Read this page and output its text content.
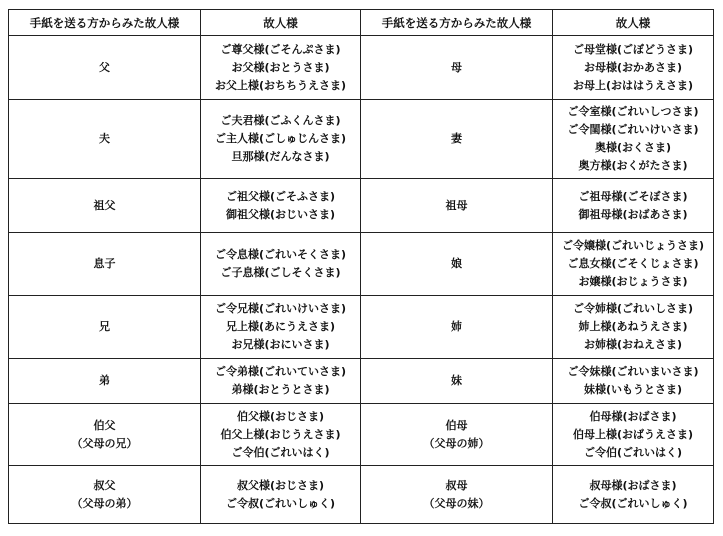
手紙を送る方からみた故人様	故人様	手紙を送る方からみた故人様	故人様

父	ご尊父様(ごそんぷさま)
お父様(おとうさま)
お父上様(おちちうえさま)	母	ご母堂様(ごぼどうさま)
お母様(おかあさま)
お母上(おははうえさま)

夫	ご夫君様(ごふくんさま)
ご主人様(ごしゅじんさま)
旦那様(だんなさま)	妻	ご令室様(ごれいしつさま)
ご令閨様(ごれいけいさま)
奥様(おくさま)
奥方様(おくがたさま)

祖父	ご祖父様(ごそふさま)
御祖父様(おじいさま)	祖母	ご祖母様(ごそぼさま)
御祖母様(おばあさま)

息子	ご令息様(ごれいそくさま)
ご子息様(ごしそくさま)	娘	ご令嬢様(ごれいじょうさま)
ご息女様(ごそくじょさま)
お嬢様(おじょうさま)

兄	ご令兄様(ごれいけいさま)
兄上様(あにうえさま)
お兄様(おにいさま)	姉	ご令姉様(ごれいしさま)
姉上様(あねうえさま)
お姉様(おねえさま)

弟	ご令弟様(ごれいていさま)
弟様(おとうとさま)	妹	ご令妹様(ごれいまいさま)
妹様(いもうとさま)

伯父
（父母の兄）	伯父様(おじさま)
伯父上様(おじうえさま)
ご令伯(ごれいはく)	伯母
（父母の姉）	伯母様(おばさま)
伯母上様(おばうえさま)
ご令伯(ごれいはく)

叔父
（父母の弟）	叔父様(おじさま)
ご令叔(ごれいしゅく)	叔母
（父母の妹）	叔母様(おばさま)
ご令叔(ごれいしゅく)
